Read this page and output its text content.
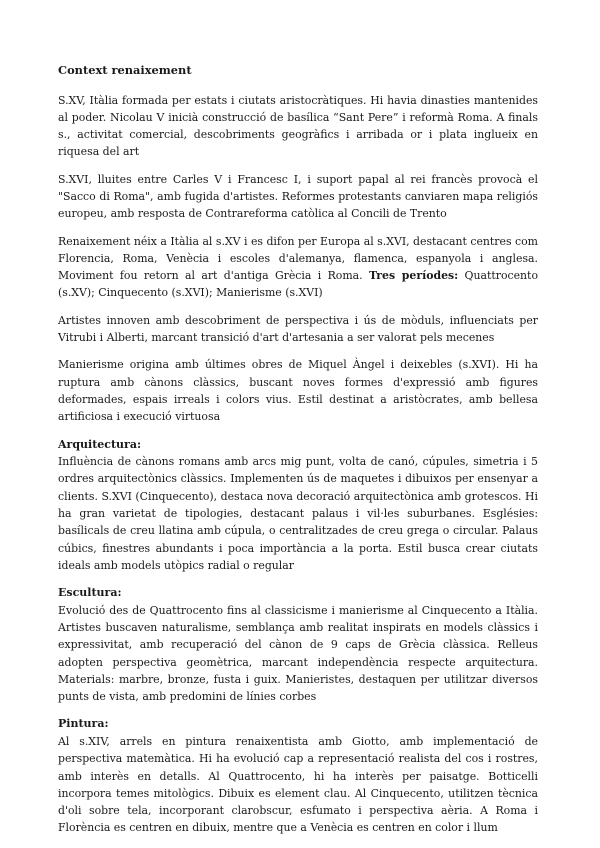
Context renaixement

S.XV, Itàlia formada per estats i ciutats aristocràtiques. Hi havia dinasties mantenides al poder. Nicolau V inicià construcció de basílica “Sant Pere” i reformà Roma. A finals s., activitat comercial, descobriments geogràfics i arribada or i plata inglueix en riquesa del art

S.XVI, lluites entre Carles V i Francesc I, i suport papal al rei francès provocà el "Sacco di Roma", amb fugida d'artistes. Reformes protestants canviaren mapa religiós europeu, amb resposta de Contrareforma catòlica al Concili de Trento

Renaixement néix a Itàlia al s.XV i es difon per Europa al s.XVI, destacant centres com Florencia, Roma, Venècia i escoles d'alemanya, flamenca, espanyola i anglesa. Moviment fou retorn al art d'antiga Grècia i Roma. Tres períodes: Quattrocento (s.XV); Cinquecento (s.XVI); Manierisme (s.XVI)

Artistes innoven amb descobriment de perspectiva i ús de mòduls, influenciats per Vitrubi i Alberti, marcant transició d'art d'artesania a ser valorat pels mecenes

Manierisme origina amb últimes obres de Miquel Àngel i deixebles (s.XVI). Hi ha ruptura amb cànons clàssics, buscant noves formes d'expressió amb figures deformades, espais irreals i colors vius. Estil destinat a aristòcrates, amb bellesa artificiosa i execució virtuosa

Arquitectura:

Influència de cànons romans amb arcs mig punt, volta de canó, cúpules, simetria i 5 ordres arquitectònics clàssics. Implementen ús de maquetes i dibuixos per ensenyar a clients. S.XVI (Cinquecento), destaca nova decoració arquitectònica amb grotescos. Hi ha gran varietat de tipologies, destacant palaus i vil·les suburbanes. Esglésies: basílicals de creu llatina amb cúpula, o centralitzades de creu grega o circular. Palaus cúbics, finestres abundants i poca importància a la porta. Estil busca crear ciutats ideals amb models utòpics radial o regular

Escultura:

Evolució des de Quattrocento fins al classicisme i manierisme al Cinquecento a Itàlia. Artistes buscaven naturalisme, semblança amb realitat inspirats en models clàssics i expressivitat, amb recuperació del cànon de 9 caps de Grècia clàssica. Relleus adopten perspectiva geomètrica, marcant independència respecte arquitectura. Materials: marbre, bronze, fusta i guix. Manieristes, destaquen per utilitzar diversos punts de vista, amb predomini de línies corbes

Pintura:

Al s.XIV, arrels en pintura renaixentista amb Giotto, amb implementació de perspectiva matemàtica. Hi ha evolució cap a representació realista del cos i rostres, amb interès en detalls. Al Quattrocento, hi ha interès per paisatge. Botticelli incorpora temes mitològics. Dibuix es element clau. Al Cinquecento, utilitzen tècnica d'oli sobre tela, incorporant clarobscur, esfumato i perspectiva aèria. A Roma i Florència es centren en dibuix, mentre que a Venècia es centren en color i llum
